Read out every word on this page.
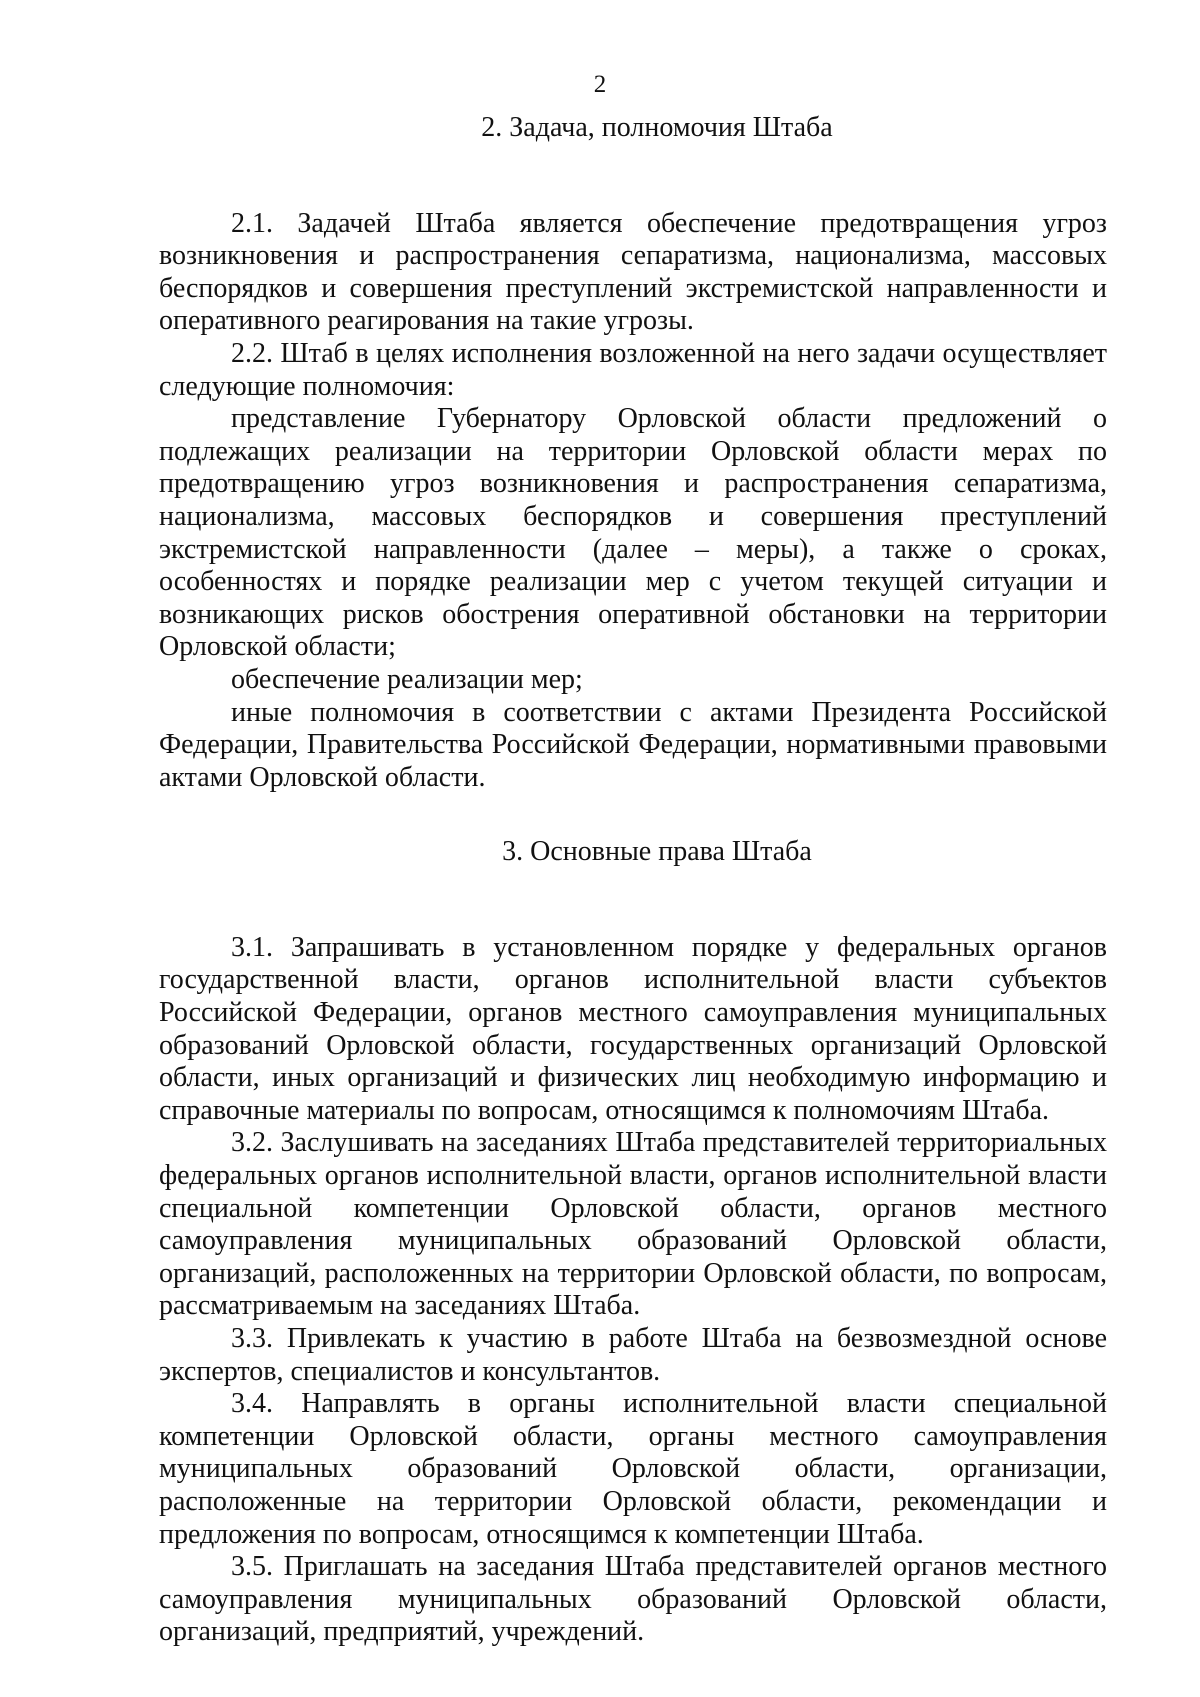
2
2. Задача, полномочия Штаба

2.1. Задачей Штаба является обеспечение предотвращения угроз возникновения и распространения сепаратизма, национализма, массовых беспорядков и совершения преступлений экстремистской направленности и оперативного реагирования на такие угрозы.

2.2. Штаб в целях исполнения возложенной на него задачи осуществляет следующие полномочия:

представление Губернатору Орловской области предложений о подлежащих реализации на территории Орловской области мерах по предотвращению угроз возникновения и распространения сепаратизма, национализма, массовых беспорядков и совершения преступлений экстремистской направленности (далее – меры), а также о сроках, особенностях и порядке реализации мер с учетом текущей ситуации и возникающих рисков обострения оперативной обстановки на территории Орловской области;

обеспечение реализации мер;

иные полномочия в соответствии с актами Президента Российской Федерации, Правительства Российской Федерации, нормативными правовыми актами Орловской области.

3. Основные права Штаба

3.1. Запрашивать в установленном порядке у федеральных органов государственной власти, органов исполнительной власти субъектов Российской Федерации, органов местного самоуправления муниципальных образований Орловской области, государственных организаций Орловской области, иных организаций и физических лиц необходимую информацию и справочные материалы по вопросам, относящимся к полномочиям Штаба.

3.2. Заслушивать на заседаниях Штаба представителей территориальных федеральных органов исполнительной власти, органов исполнительной власти специальной компетенции Орловской области, органов местного самоуправления муниципальных образований Орловской области, организаций, расположенных на территории Орловской области, по вопросам, рассматриваемым на заседаниях Штаба.

3.3. Привлекать к участию в работе Штаба на безвозмездной основе экспертов, специалистов и консультантов.

3.4. Направлять в органы исполнительной власти специальной компетенции Орловской области, органы местного самоуправления муниципальных образований Орловской области, организации, расположенные на территории Орловской области, рекомендации и предложения по вопросам, относящимся к компетенции Штаба.

3.5. Приглашать на заседания Штаба представителей органов местного самоуправления муниципальных образований Орловской области, организаций, предприятий, учреждений.
